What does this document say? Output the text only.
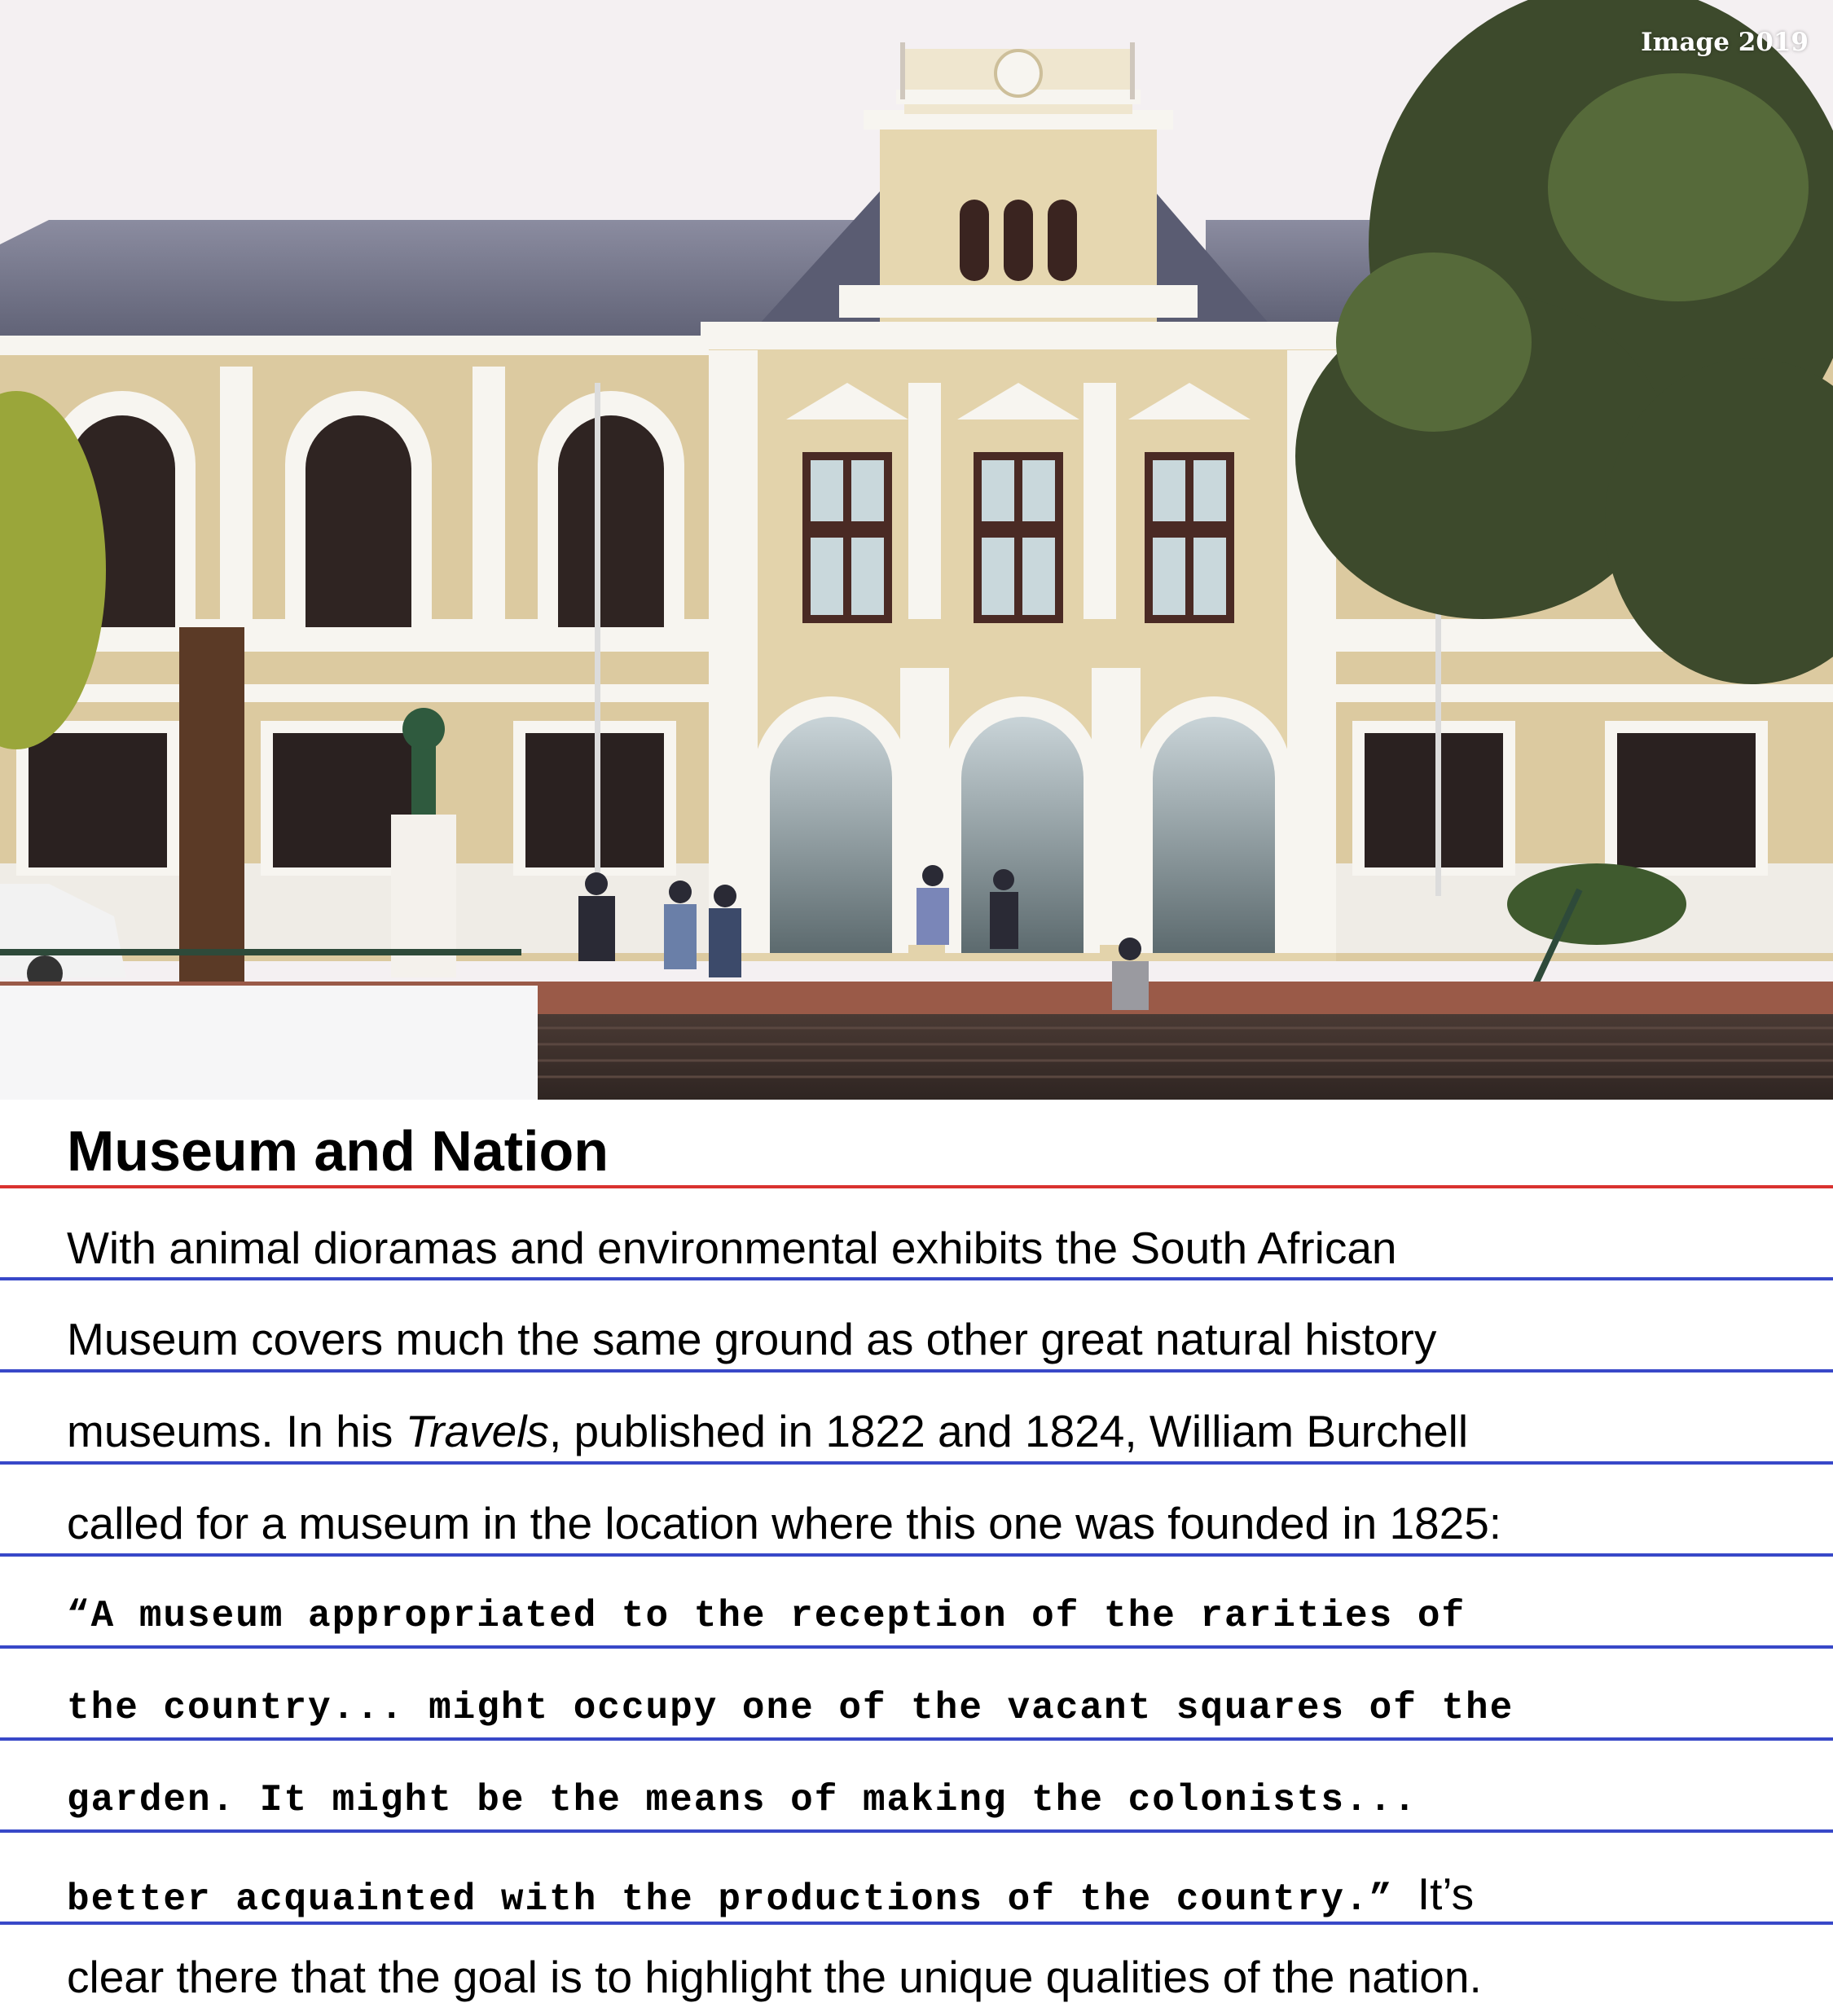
Image 2019
Museum and Nation
With animal dioramas and environmental exhibits the South African
Museum covers much the same ground as other great natural history
museums. In his Travels, published in 1822 and 1824, William Burchell
called for a museum in the location where this one was founded in 1825:
“A museum appropriated to the reception of the rarities of
the country... might occupy one of the vacant squares of the
garden. It might be the means of making the colonists...
better acquainted with the productions of the country.” It’s
clear there that the goal is to highlight the unique qualities of the nation.
